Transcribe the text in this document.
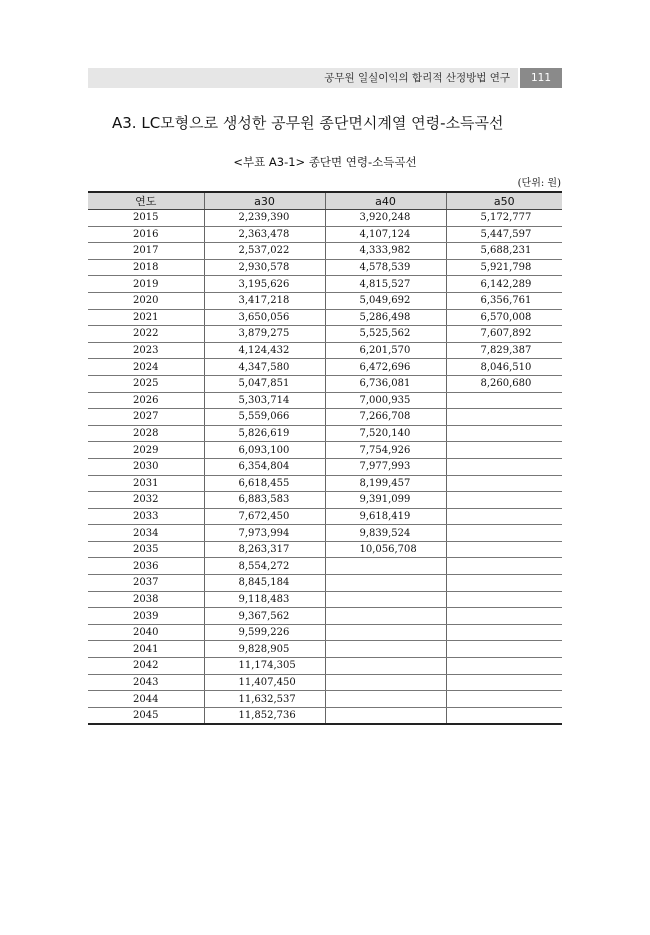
공무원 일실이익의 합리적 산정방법 연구	111
A3. LC모형으로 생성한 공무원 종단면시계열 연령-소득곡선
<부표 A3-1> 종단면 연령-소득곡선
(단위: 원)
연도	a30	a40	a50
2015	2,239,390	3,920,248	5,172,777
2016	2,363,478	4,107,124	5,447,597
2017	2,537,022	4,333,982	5,688,231
2018	2,930,578	4,578,539	5,921,798
2019	3,195,626	4,815,527	6,142,289
2020	3,417,218	5,049,692	6,356,761
2021	3,650,056	5,286,498	6,570,008
2022	3,879,275	5,525,562	7,607,892
2023	4,124,432	6,201,570	7,829,387
2024	4,347,580	6,472,696	8,046,510
2025	5,047,851	6,736,081	8,260,680
2026	5,303,714	7,000,935	
2027	5,559,066	7,266,708	
2028	5,826,619	7,520,140	
2029	6,093,100	7,754,926	
2030	6,354,804	7,977,993	
2031	6,618,455	8,199,457	
2032	6,883,583	9,391,099	
2033	7,672,450	9,618,419	
2034	7,973,994	9,839,524	
2035	8,263,317	10,056,708	
2036	8,554,272		
2037	8,845,184		
2038	9,118,483		
2039	9,367,562		
2040	9,599,226		
2041	9,828,905		
2042	11,174,305		
2043	11,407,450		
2044	11,632,537		
2045	11,852,736		
